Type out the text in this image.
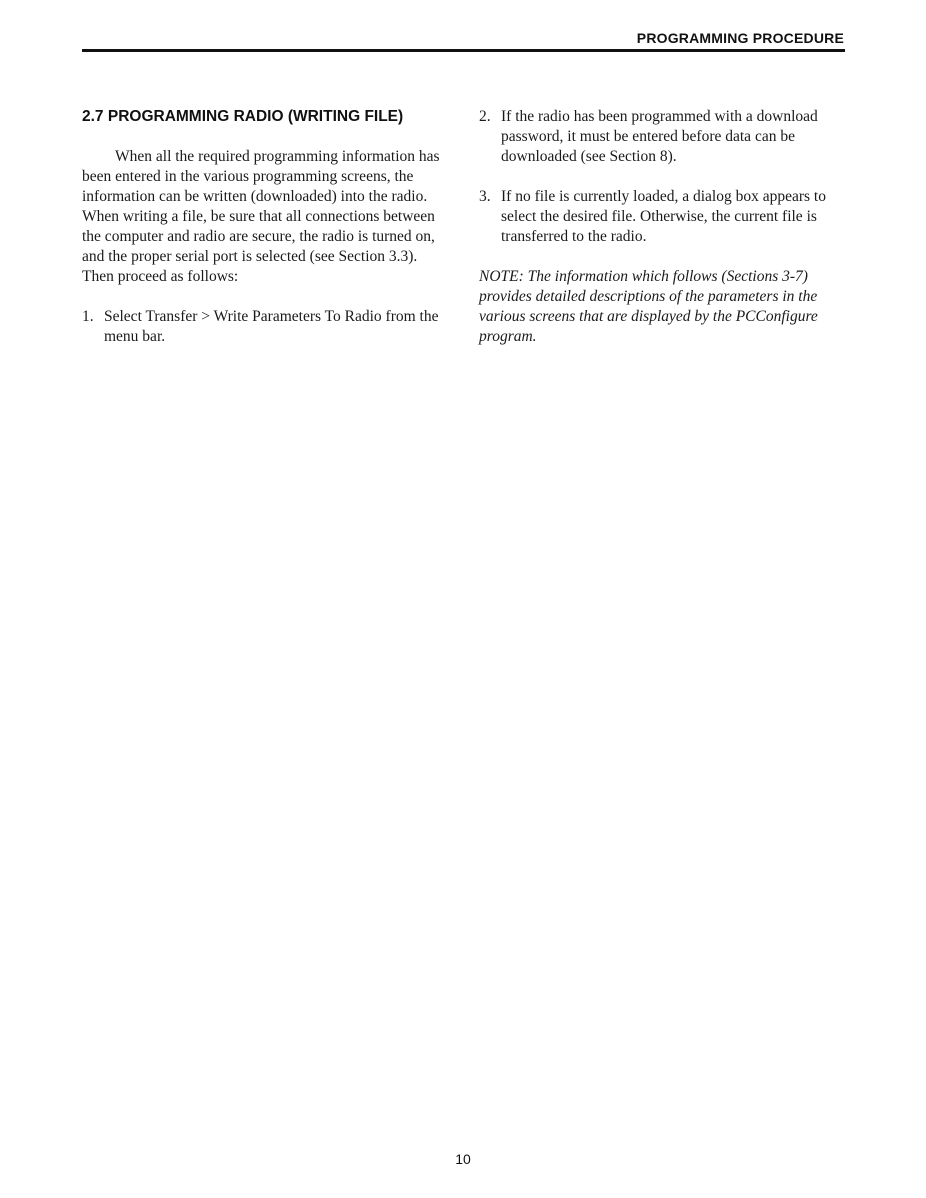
PROGRAMMING PROCEDURE
2.7 PROGRAMMING RADIO (WRITING FILE)

When all the required programming information has been entered in the various programming screens, the information can be written (downloaded) into the radio. When writing a file, be sure that all connections between the computer and radio are secure, the radio is turned on, and the proper serial port is selected (see Section 3.3). Then proceed as follows:

1. Select Transfer > Write Parameters To Radio from the menu bar.
2. If the radio has been programmed with a download password, it must be entered before data can be downloaded (see Section 8).
3. If no file is currently loaded, a dialog box appears to select the desired file. Otherwise, the current file is transferred to the radio.

NOTE: The information which follows (Sections 3-7) provides detailed descriptions of the parameters in the various screens that are displayed by the PCConfigure program.

10
